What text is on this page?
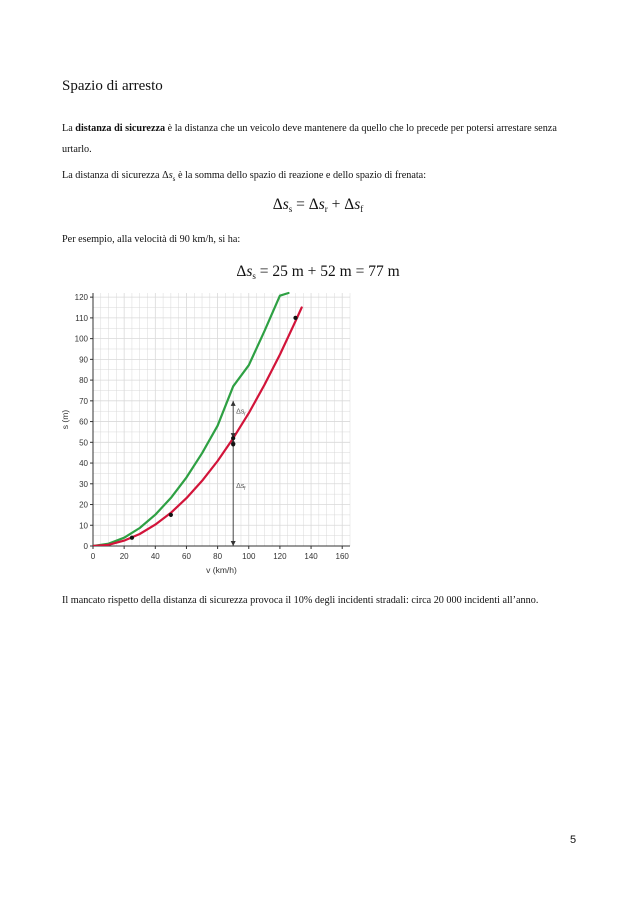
Spazio di arresto

La distanza di sicurezza è la distanza che un veicolo deve mantenere da quello che lo precede per potersi arrestare senza urtarlo.

La distanza di sicurezza $\Delta s_s$ è la somma dello spazio di reazione e dello spazio di frenata:

$\Delta s_s = \Delta s_r + \Delta s_f$

Per esempio, alla velocità di 90 km/h, si ha:

$\Delta s_s = 25$ m + 52 m = 77 m

0	20	40	60	80	100 120 140 160
0
10
20
30
40
50
60
70
80
90
100
110
120
v (km/h)
s (m)	Δs r
Δs f

Il mancato rispetto della distanza di sicurezza provoca il 10% degli incidenti stradali: circa 20 000 incidenti all’anno.

5
